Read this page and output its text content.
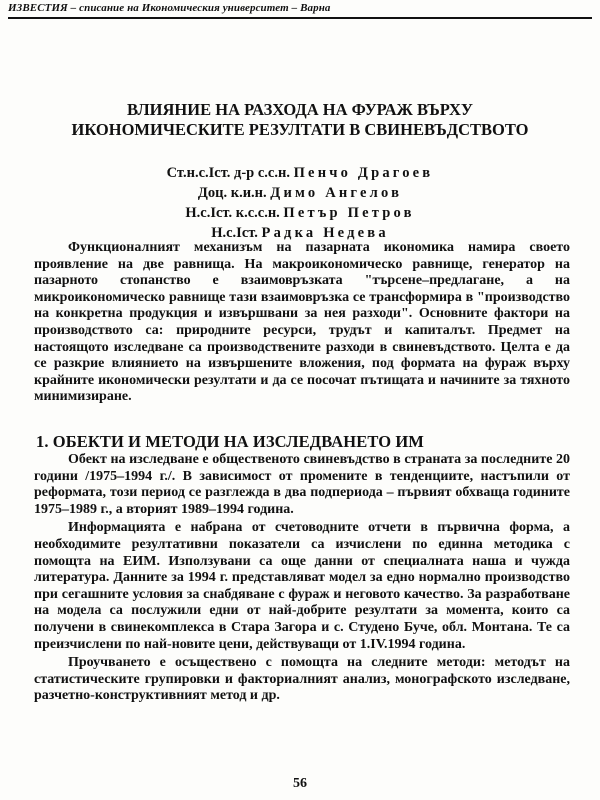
ИЗВЕСТИЯ – списание на Икономическия университет – Варна
ВЛИЯНИЕ НА РАЗХОДА НА ФУРАЖ ВЪРХУ
ИКОНОМИЧЕСКИТЕ РЕЗУЛТАТИ В СВИНЕВЪДСТВОТО
Ст.н.с.Iст. д-р с.с.н. Пенчо Драгоев
Доц. к.и.н. Димо Ангелов
Н.с.Iст. к.с.с.н. Петър Петров
Н.с.Iст. Радка Недева

Функционалният механизъм на пазарната икономика намира своето проявление на две равнища. На макроикономическо равнище, генератор на пазарното стопанство е взаимовръзката "търсене–предлагане, а на микроикономическо равнище тази взаимовръзка се трансформира в "производство на конкретна продукция и извършвани за нея разходи". Основните фактори на производството са: природните ресурси, трудът и капиталът. Предмет на настоящото изследване са производствените разходи в свиневъдството. Целта е да се разкрие влиянието на извършените вложения, под формата на фураж върху крайните икономически резултати и да се посочат пътищата и начините за тяхното минимизиране.

1. ОБЕКТИ И МЕТОДИ НА ИЗСЛЕДВАНЕТО ИМ

Обект на изследване е общественото свиневъдство в страната за последните 20 години /1975–1994 г./. В зависимост от промените в тенденциите, настъпили от реформата, този период се разглежда в два подпериода – първият обхваща годините 1975–1989 г., а вторият 1989–1994 година.

Информацията е набрана от счетоводните отчети в първична форма, а необходимите резултативни показатели са изчислени по единна методика с помощта на ЕИМ. Използувани са още данни от специалната наша и чужда литература. Данните за 1994 г. представляват модел за едно нормално производство при сегашните условия за снабдяване с фураж и неговото качество. За разработване на модела са послужили едни от най-добрите резултати за момента, които са получени в свинекомплекса в Стара Загора и с. Студено Буче, обл. Монтана. Те са преизчислени по най-новите цени, действуващи от 1.IV.1994 година.

Проучването е осъществено с помощта на следните методи: методът на статистическите групировки и факториалният анализ, монографското изследване, разчетно-конструктивният метод и др.

56
